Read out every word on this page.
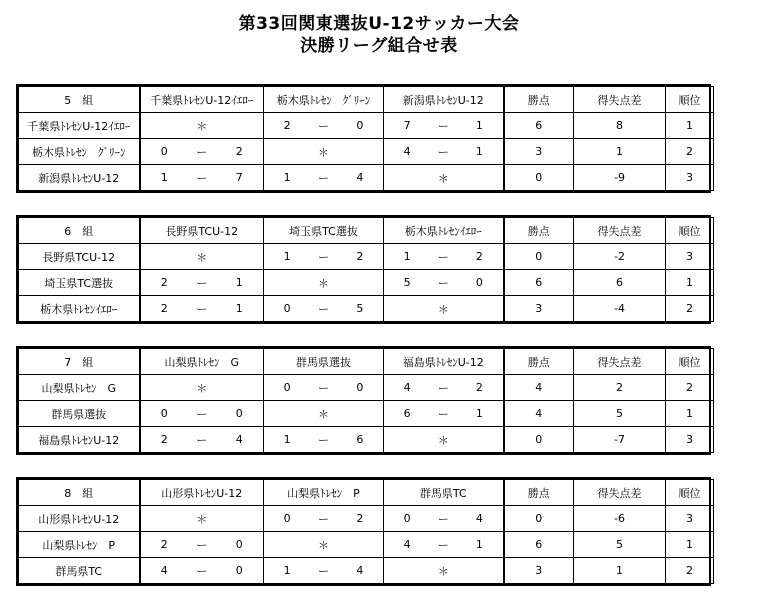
第33回関東選抜U-12サッカー大会
決勝リーグ組合せ表
5　組	千葉県ﾄﾚｾﾝU-12ｲｴﾛｰ	栃木県ﾄﾚｾﾝ　ｸﾞﾘｰﾝ	新潟県ﾄﾚｾﾝU-12	勝点	得失点差	順位
千葉県ﾄﾚｾﾝU-12ｲｴﾛｰ	＊	2 ー 0	7 ー 1	6	8	1
栃木県ﾄﾚｾﾝ　ｸﾞﾘｰﾝ	0 ー 2	＊	4 ー 1	3	1	2
新潟県ﾄﾚｾﾝU-12	1 ー 7	1 ー 4	＊	0	-9	3
6　組	長野県TCU-12	埼玉県TC選抜	栃木県ﾄﾚｾﾝｲｴﾛｰ	勝点	得失点差	順位
長野県TCU-12	＊	1 ー 2	1 ー 2	0	-2	3
埼玉県TC選抜	2 ー 1	＊	5 ー 0	6	6	1
栃木県ﾄﾚｾﾝｲｴﾛｰ	2 ー 1	0 ー 5	＊	3	-4	2
7　組	山梨県ﾄﾚｾﾝ　G	群馬県選抜	福島県ﾄﾚｾﾝU-12	勝点	得失点差	順位
山梨県ﾄﾚｾﾝ　G	＊	0 ー 0	4 ー 2	4	2	2
群馬県選抜	0 ー 0	＊	6 ー 1	4	5	1
福島県ﾄﾚｾﾝU-12	2 ー 4	1 ー 6	＊	0	-7	3
8　組	山形県ﾄﾚｾﾝU-12	山梨県ﾄﾚｾﾝ　P	群馬県TC	勝点	得失点差	順位
山形県ﾄﾚｾﾝU-12	＊	0 ー 2	0 ー 4	0	-6	3
山梨県ﾄﾚｾﾝ　P	2 ー 0	＊	4 ー 1	6	5	1
群馬県TC	4 ー 0	1 ー 4	＊	3	1	2
